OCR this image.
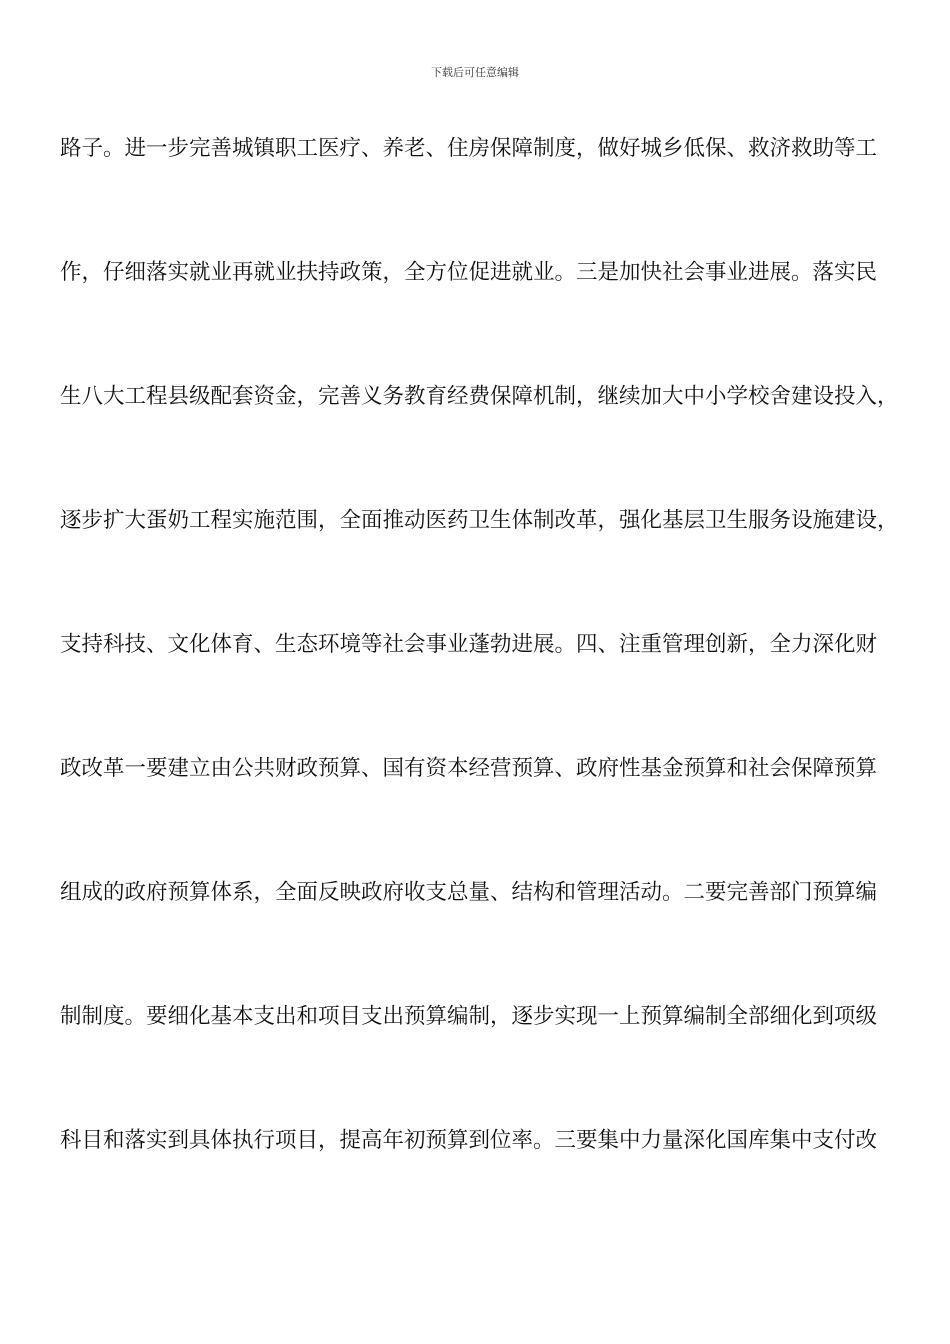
下载后可任意编辑
路子。进一步完善城镇职工医疗、养老、住房保障制度，做好城乡低保、救济救助等工
作，仔细落实就业再就业扶持政策，全方位促进就业。三是加快社会事业进展。落实民
生八大工程县级配套资金，完善义务教育经费保障机制，继续加大中小学校舍建设投入，
逐步扩大蛋奶工程实施范围，全面推动医药卫生体制改革，强化基层卫生服务设施建设，
支持科技、文化体育、生态环境等社会事业蓬勃进展。四、注重管理创新，全力深化财
政改革一要建立由公共财政预算、国有资本经营预算、政府性基金预算和社会保障预算
组成的政府预算体系，全面反映政府收支总量、结构和管理活动。二要完善部门预算编
制制度。要细化基本支出和项目支出预算编制，逐步实现一上预算编制全部细化到项级
科目和落实到具体执行项目，提高年初预算到位率。三要集中力量深化国库集中支付改
